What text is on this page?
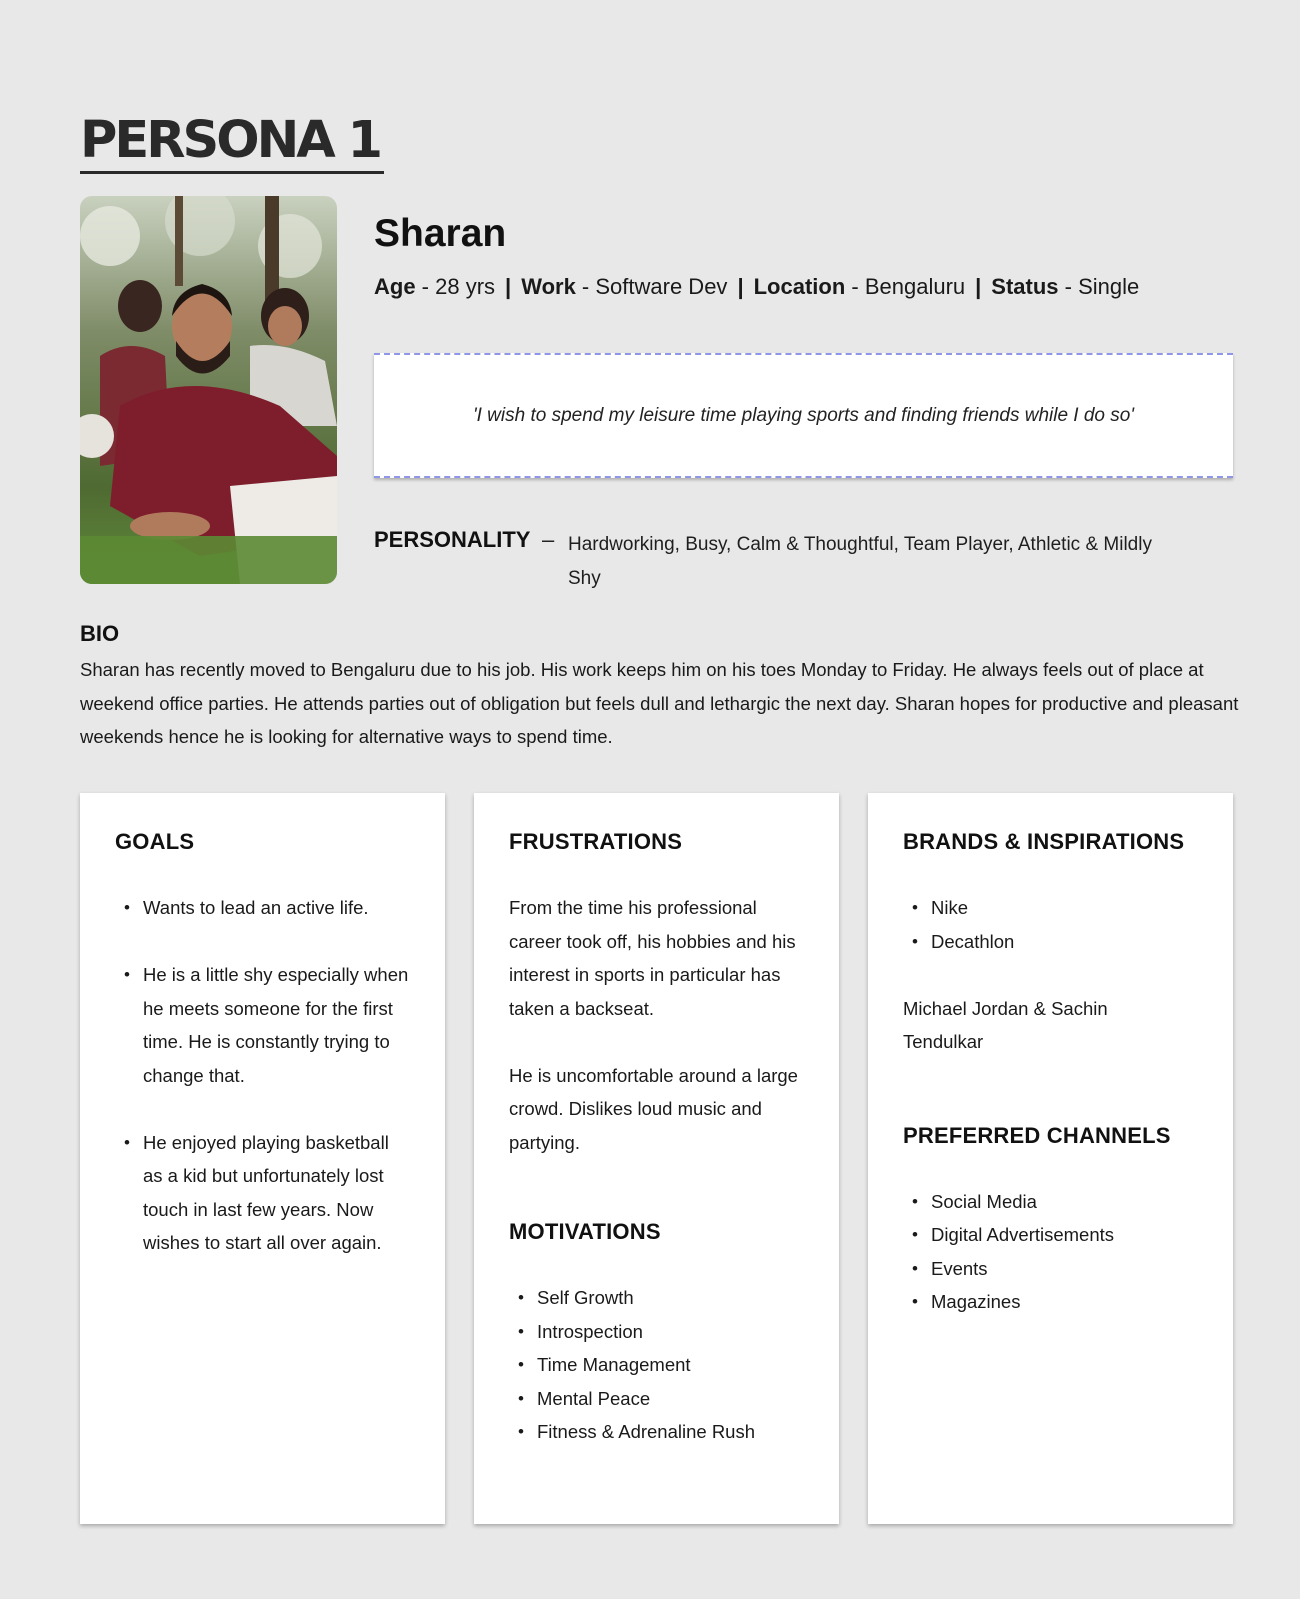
PERSONA 1
Sharan
Age - 28 yrs | Work - Software Dev | Location - Bengaluru | Status - Single
'I wish to spend my leisure time playing sports and finding friends while I do so'
PERSONALITY – Hardworking, Busy, Calm & Thoughtful, Team Player, Athletic & Mildly Shy
BIO

Sharan has recently moved to Bengaluru due to his job. His work keeps him on his toes Monday to Friday. He always feels out of place at weekend office parties. He attends parties out of obligation but feels dull and lethargic the next day. Sharan hopes for productive and pleasant weekends hence he is looking for alternative ways to spend time.

GOALS
• Wants to lead an active life.
• He is a little shy especially when he meets someone for the first time. He is constantly trying to change that.
• He enjoyed playing basketball as a kid but unfortunately lost touch in last few years. Now wishes to start all over again.
FRUSTRATIONS

From the time his professional career took off, his hobbies and his interest in sports in particular has taken a backseat.

He is uncomfortable around a large crowd. Dislikes loud music and partying.

MOTIVATIONS
• Self Growth
• Introspection
• Time Management
• Mental Peace
• Fitness & Adrenaline Rush
BRANDS & INSPIRATIONS
• Nike
• Decathlon

Michael Jordan & Sachin Tendulkar

PREFERRED CHANNELS
• Social Media
• Digital Advertisements
• Events
• Magazines
